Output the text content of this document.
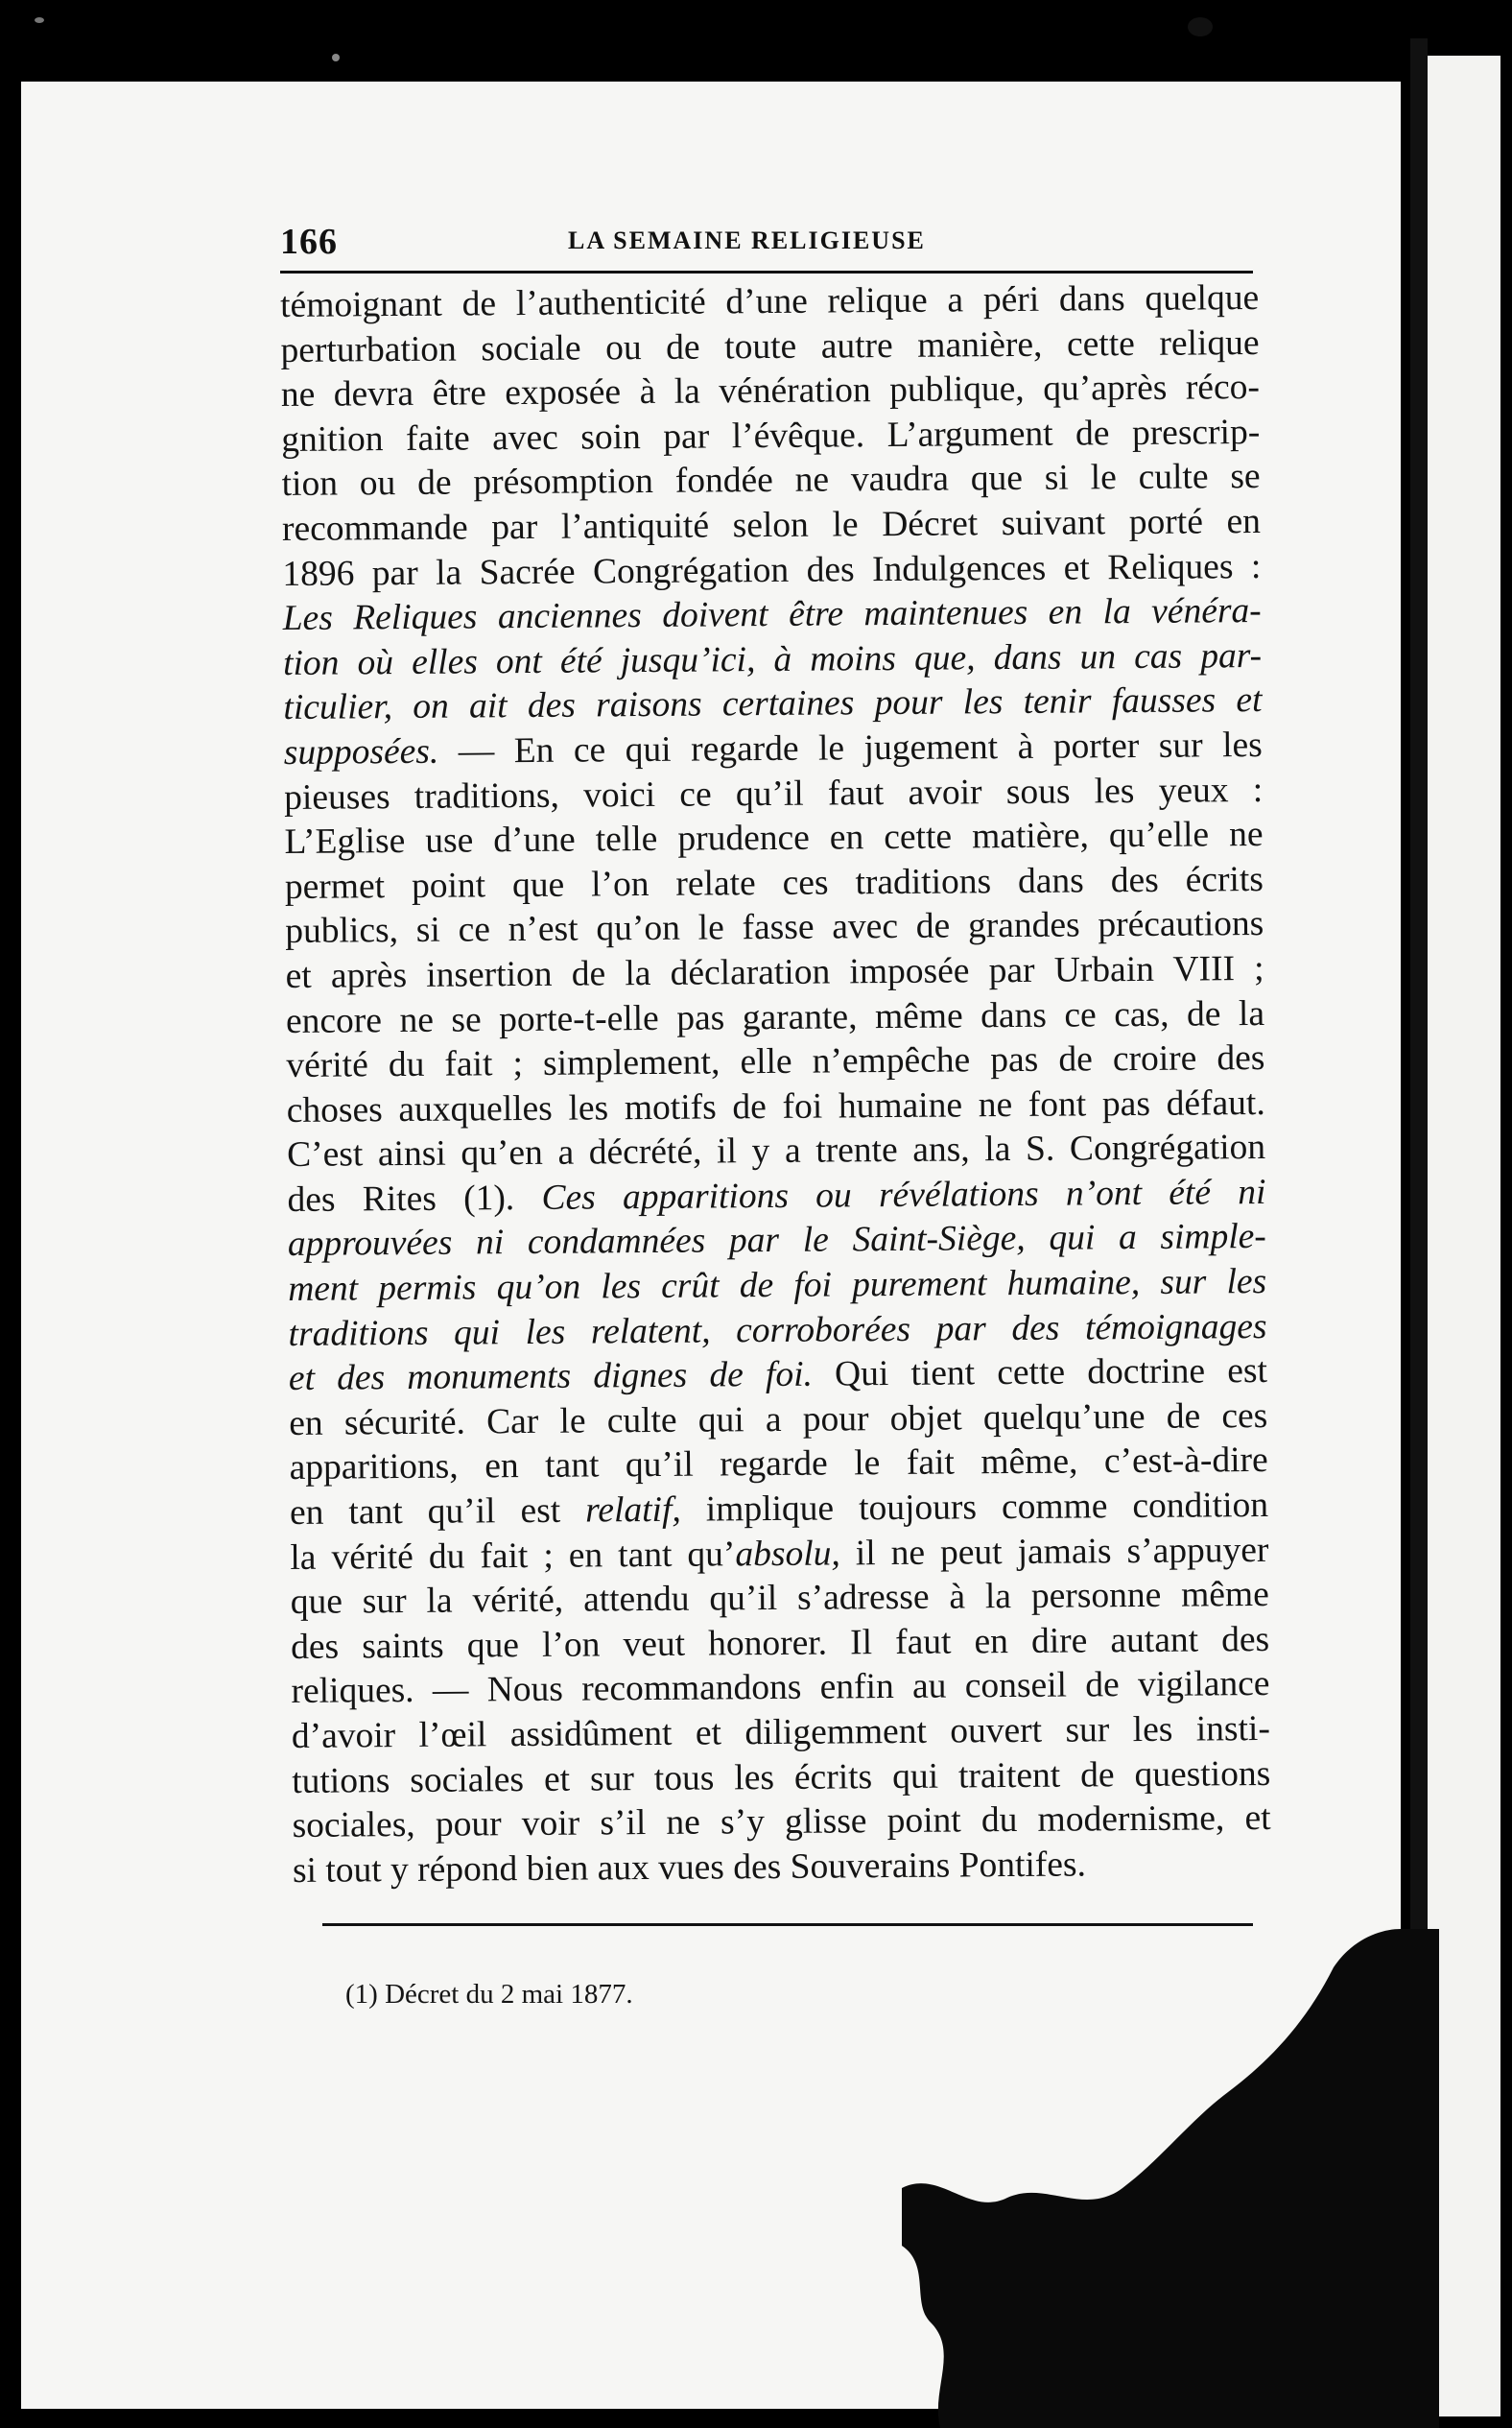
166	LA SEMAINE RELIGIEUSE
témoignant de l’authenticité d’une relique a péri dans quelque
perturbation sociale ou de toute autre manière, cette relique
ne devra être exposée à la vénération publique, qu’après réco-
gnition faite avec soin par l’évêque. L’argument de prescrip-
tion ou de présomption fondée ne vaudra que si le culte se
recommande par l’antiquité selon le Décret suivant porté en
1896 par la Sacrée Congrégation des Indulgences et Reliques :
Les Reliques anciennes doivent être maintenues en la vénéra-
tion où elles ont été jusqu’ici, à moins que, dans un cas par-
ticulier, on ait des raisons certaines pour les tenir fausses et
supposées. — En ce qui regarde le jugement à porter sur les
pieuses traditions, voici ce qu’il faut avoir sous les yeux :
L’Eglise use d’une telle prudence en cette matière, qu’elle ne
permet point que l’on relate ces traditions dans des écrits
publics, si ce n’est qu’on le fasse avec de grandes précautions
et après insertion de la déclaration imposée par Urbain VIII ;
encore ne se porte-t-elle pas garante, même dans ce cas, de la
vérité du fait ; simplement, elle n’empêche pas de croire des
choses auxquelles les motifs de foi humaine ne font pas défaut.
C’est ainsi qu’en a décrété, il y a trente ans, la S. Congrégation
des Rites (1). Ces apparitions ou révélations n’ont été ni
approuvées ni condamnées par le Saint-Siège, qui a simple-
ment permis qu’on les crût de foi purement humaine, sur les
traditions qui les relatent, corroborées par des témoignages
et des monuments dignes de foi. Qui tient cette doctrine est
en sécurité. Car le culte qui a pour objet quelqu’une de ces
apparitions, en tant qu’il regarde le fait même, c’est-à-dire
en tant qu’il est relatif, implique toujours comme condition
la vérité du fait ; en tant qu’absolu, il ne peut jamais s’appuyer
que sur la vérité, attendu qu’il s’adresse à la personne même
des saints que l’on veut honorer. Il faut en dire autant des
reliques. — Nous recommandons enfin au conseil de vigilance
d’avoir l’œil assidûment et diligemment ouvert sur les insti-
tutions sociales et sur tous les écrits qui traitent de questions
sociales, pour voir s’il ne s’y glisse point du modernisme, et
si tout y répond bien aux vues des Souverains Pontifes.
(1) Décret du 2 mai 1877.
